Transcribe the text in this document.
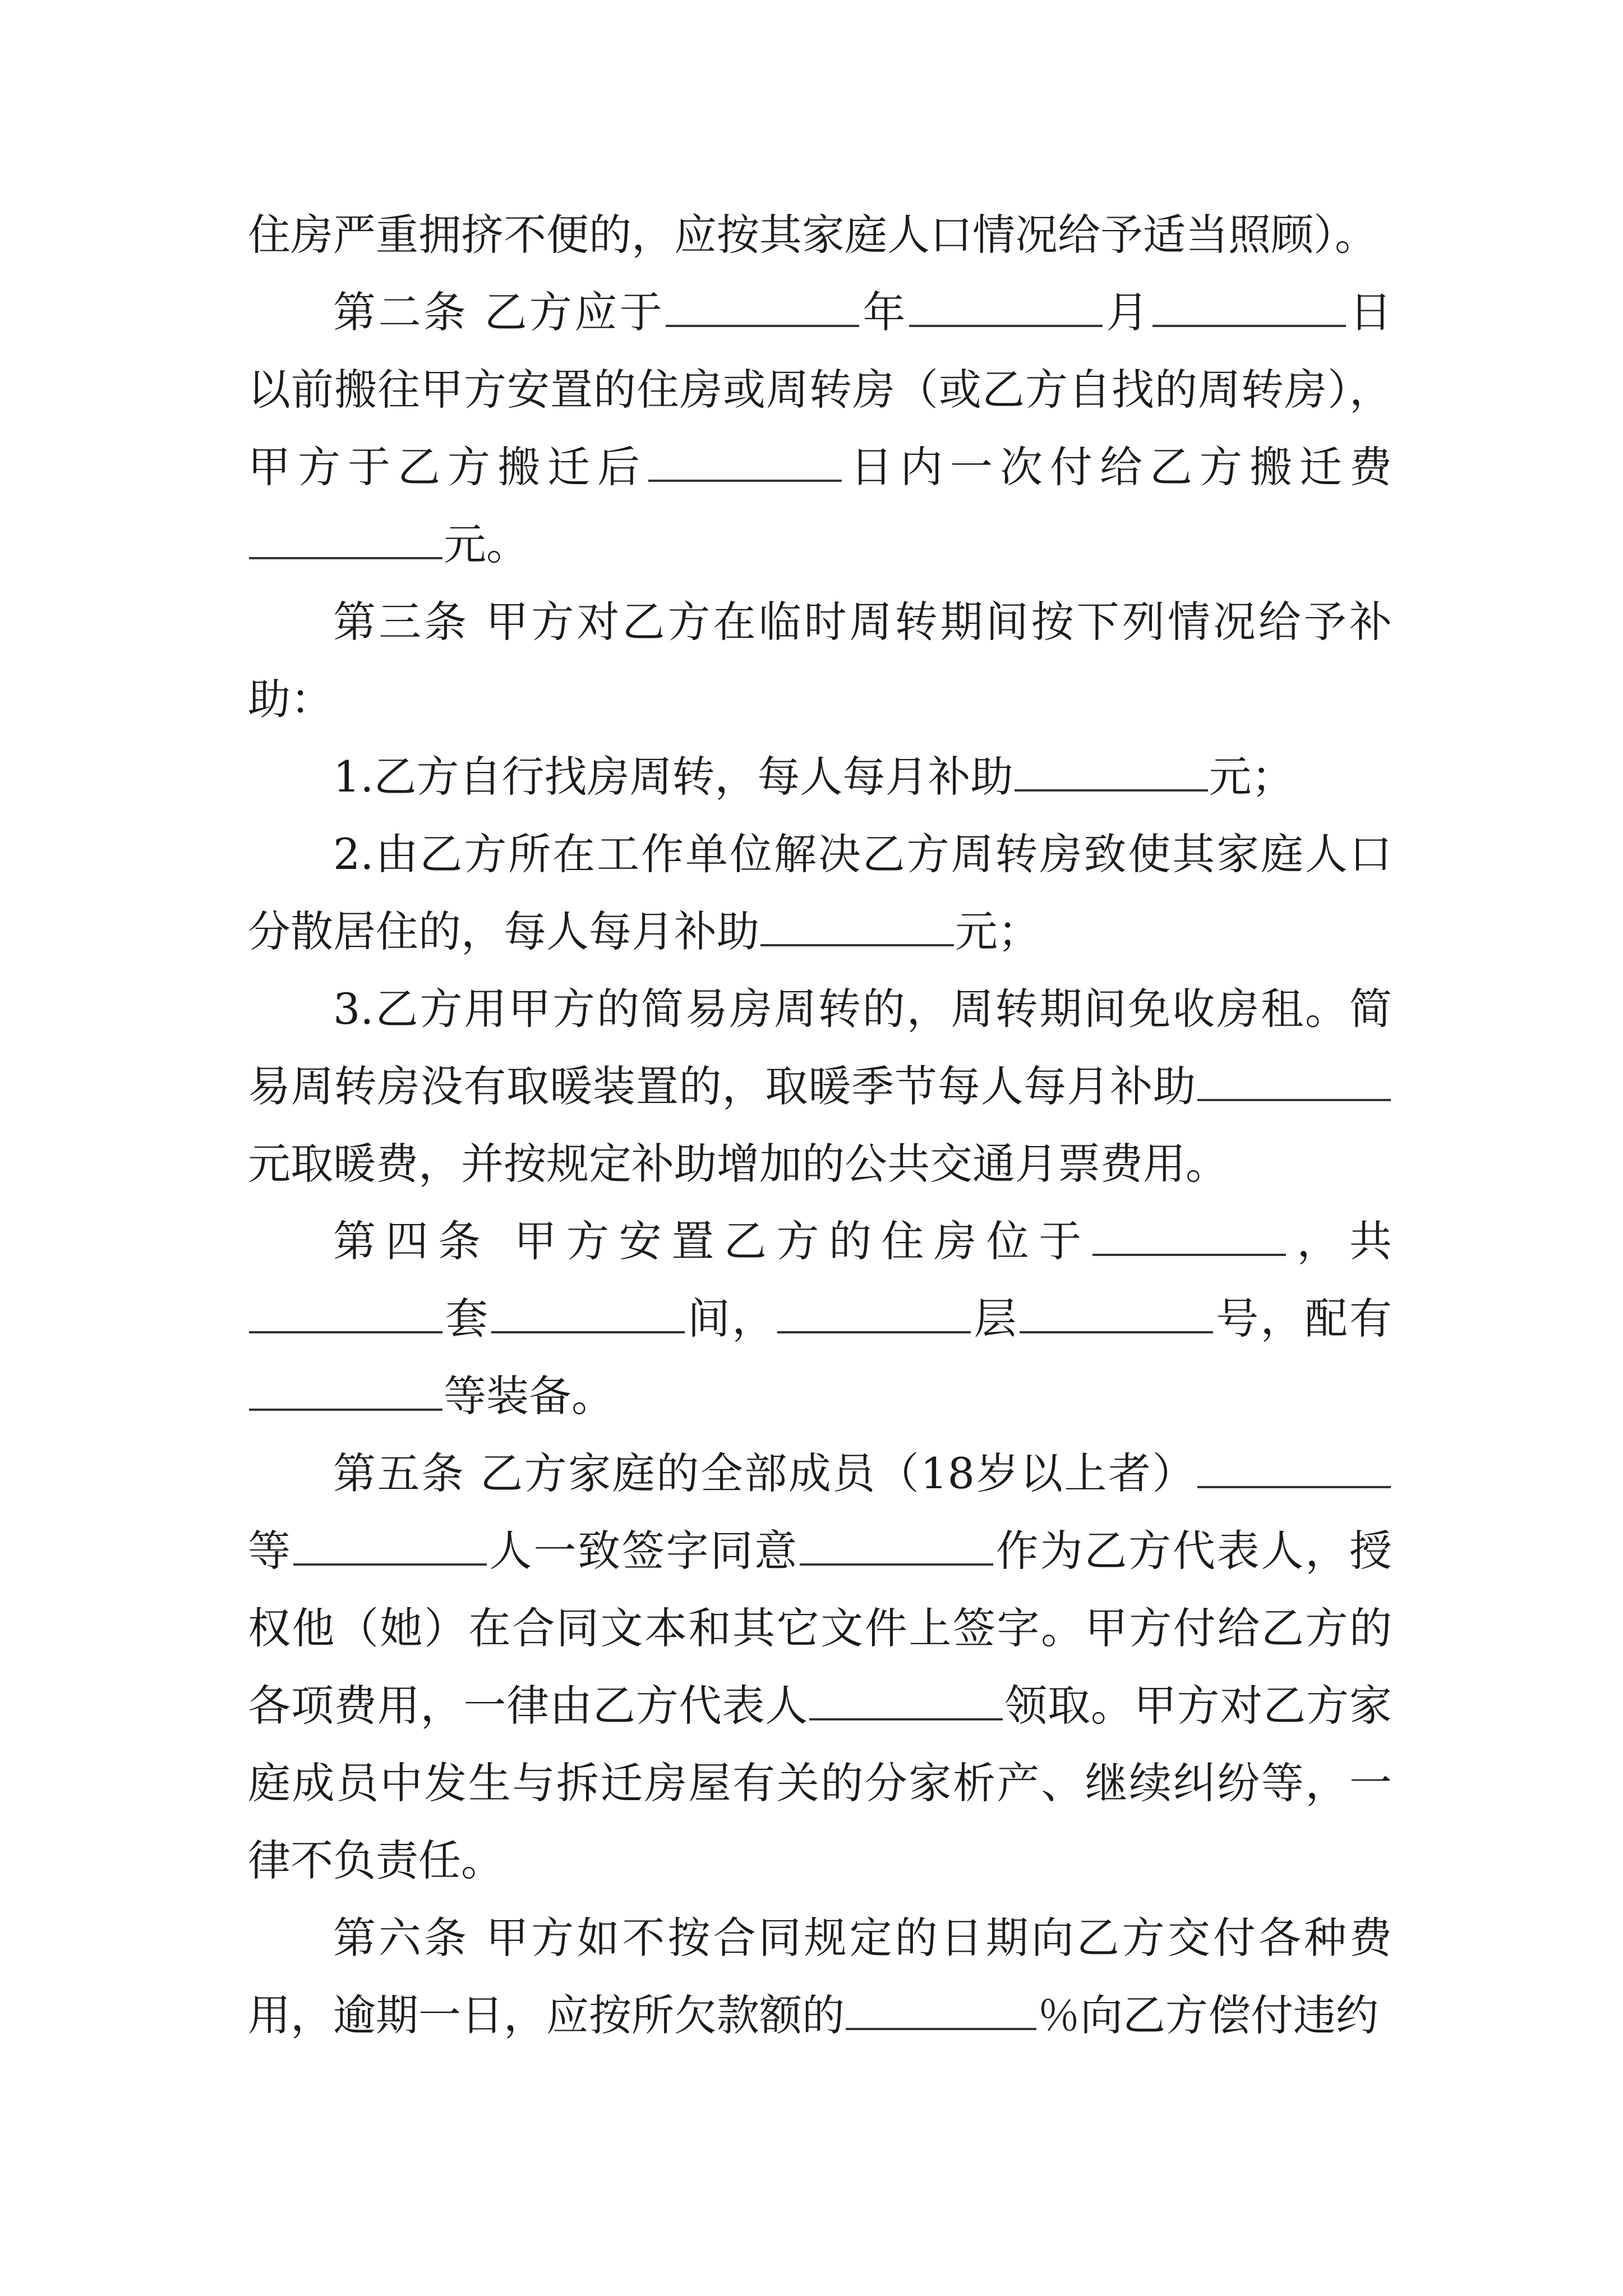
住房严重拥挤不便的，应按其家庭人口情况给予适当照顾）。

第二条 乙方应于	年	月	日以前搬往甲方安置的住房或周转房（或乙方自找的周转房），甲方于乙方搬迁后	日内一次付给乙方搬迁费元。

第三条 甲方对乙方在临时周转期间按下列情况给予补助：

1.乙方自行找房周转，每人每月补助	元；

2.由乙方所在工作单位解决乙方周转房致使其家庭人口分散居住的，每人每月补助	元；

3.乙方用甲方的简易房周转的，周转期间免收房租。简易周转房没有取暖装置的，取暖季节每人每月补助元取暖费，并按规定补助增加的公共交通月票费用。

第四条 甲方安置乙方的住房位于	，共套	间，	层	号，配有等装备。

第五条 乙方家庭的全部成员（18岁以上者）等	人一致签字同意	作为乙方代表人，授权他（她）在合同文本和其它文件上签字。甲方付给乙方的各项费用，一律由乙方代表人	领取。甲方对乙方家庭成员中发生与拆迁房屋有关的分家析产、继续纠纷等，一律不负责任。

第六条 甲方如不按合同规定的日期向乙方交付各种费用，逾期一日，应按所欠款额的	％向乙方偿付违约
